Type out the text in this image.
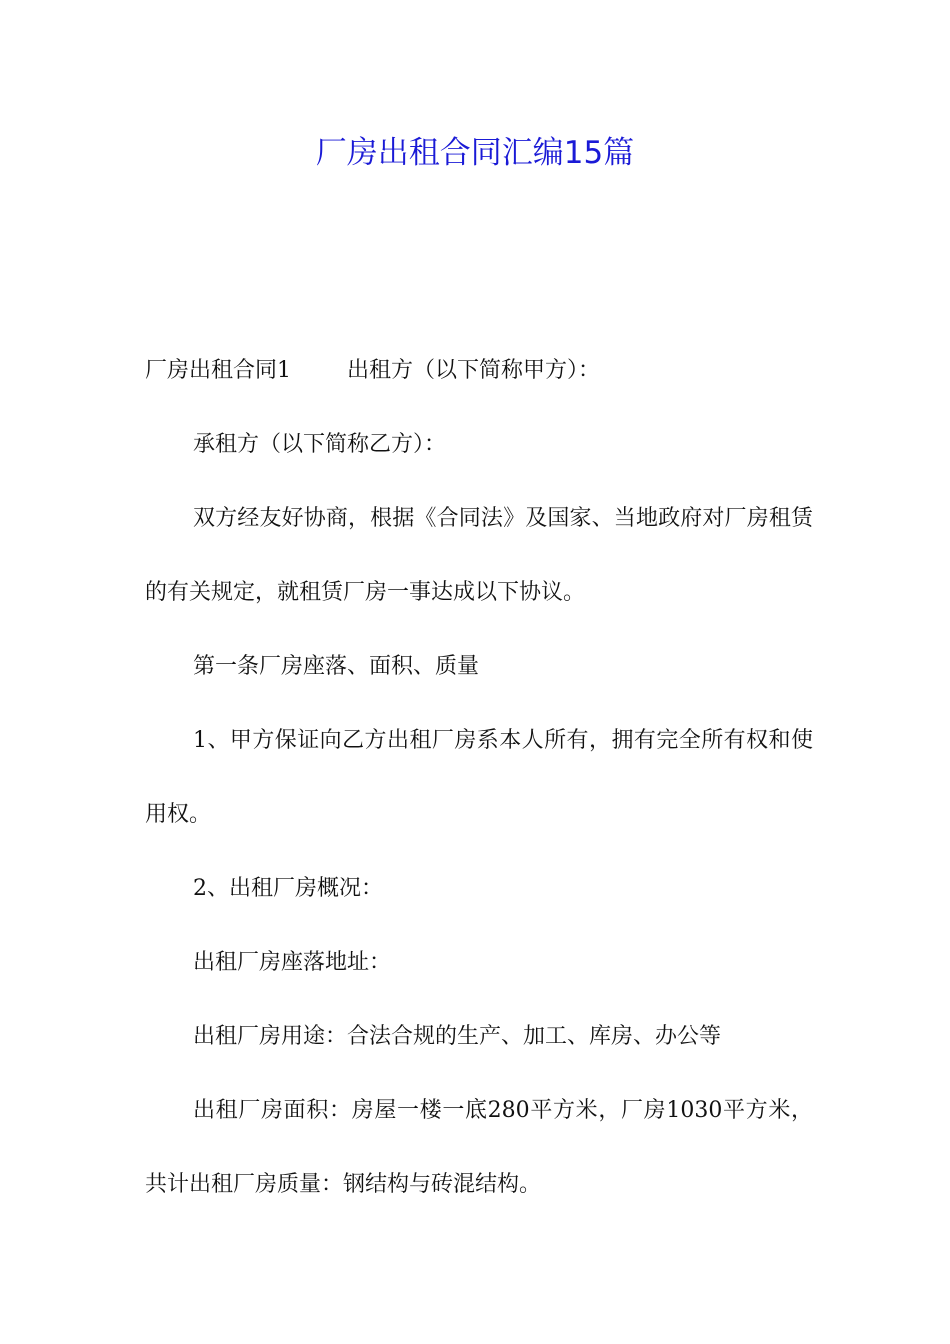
厂房出租合同汇编15篇

厂房出租合同1	出租方（以下简称甲方）：

承租方（以下简称乙方）：

双方经友好协商，根据《合同法》及国家、当地政府对厂房租赁的有关规定，就租赁厂房一事达成以下协议。

第一条厂房座落、面积、质量

1、甲方保证向乙方出租厂房系本人所有，拥有完全所有权和使用权。

2、出租厂房概况：

出租厂房座落地址：

出租厂房用途：合法合规的生产、加工、库房、办公等

出租厂房面积：房屋一楼一底280平方米，厂房1030平方米，共计出租厂房质量：钢结构与砖混结构。
